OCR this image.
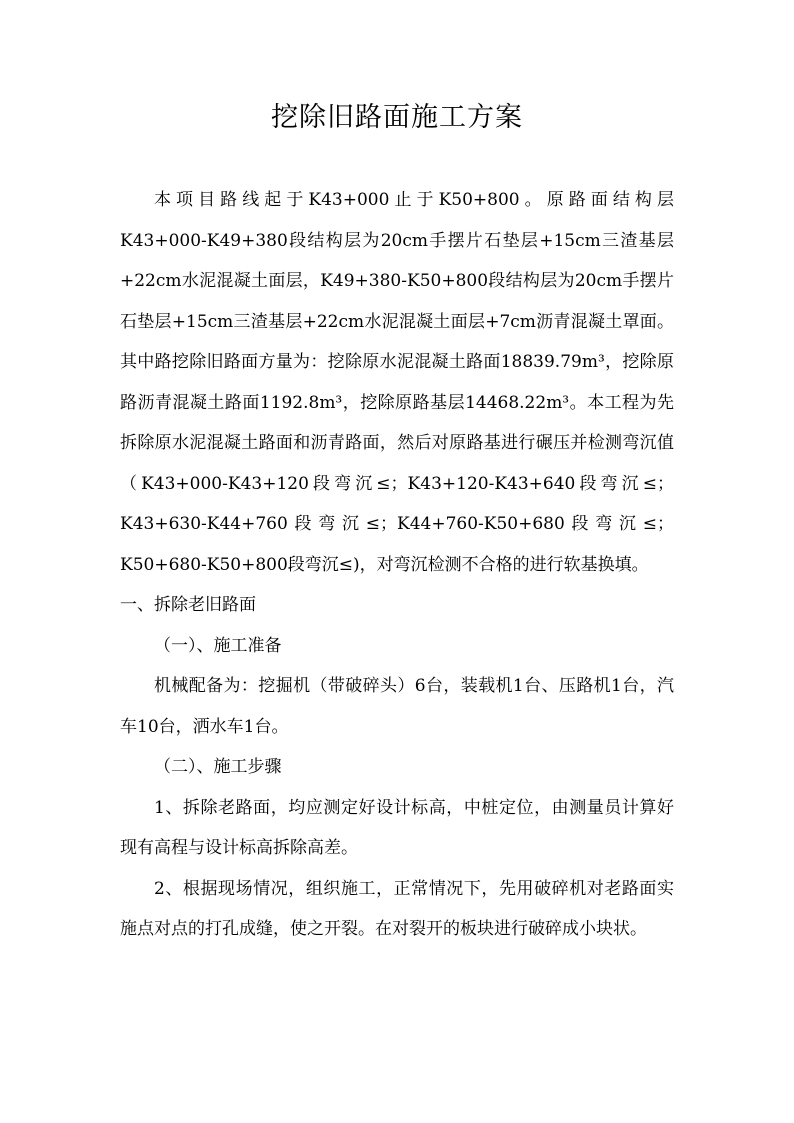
挖除旧路面施工方案

本项目路线起于K43+000止于K50+800。原路面结构层K43+000-K49+380段结构层为20cm手摆片石垫层+15cm三渣基层+22cm水泥混凝土面层，K49+380-K50+800段结构层为20cm手摆片石垫层+15cm三渣基层+22cm水泥混凝土面层+7cm沥青混凝土罩面。其中路挖除旧路面方量为：挖除原水泥混凝土路面18839.79m³，挖除原路沥青混凝土路面1192.8m³，挖除原路基层14468.22m³。本工程为先拆除原水泥混凝土路面和沥青路面，然后对原路基进行碾压并检测弯沉值（K43+000-K43+120段弯沉≤；K43+120-K43+640段弯沉≤；K43+630-K44+760段弯沉≤；K44+760-K50+680段弯沉≤；K50+680-K50+800段弯沉≤)，对弯沉检测不合格的进行软基换填。

一、拆除老旧路面

（一）、施工准备

机械配备为：挖掘机（带破碎头）6台，装载机1台、压路机1台，汽车10台，洒水车1台。

（二）、施工步骤

1、拆除老路面，均应测定好设计标高，中桩定位，由测量员计算好现有高程与设计标高拆除高差。

2、根据现场情况，组织施工，正常情况下，先用破碎机对老路面实施点对点的打孔成缝，使之开裂。在对裂开的板块进行破碎成小块状。
